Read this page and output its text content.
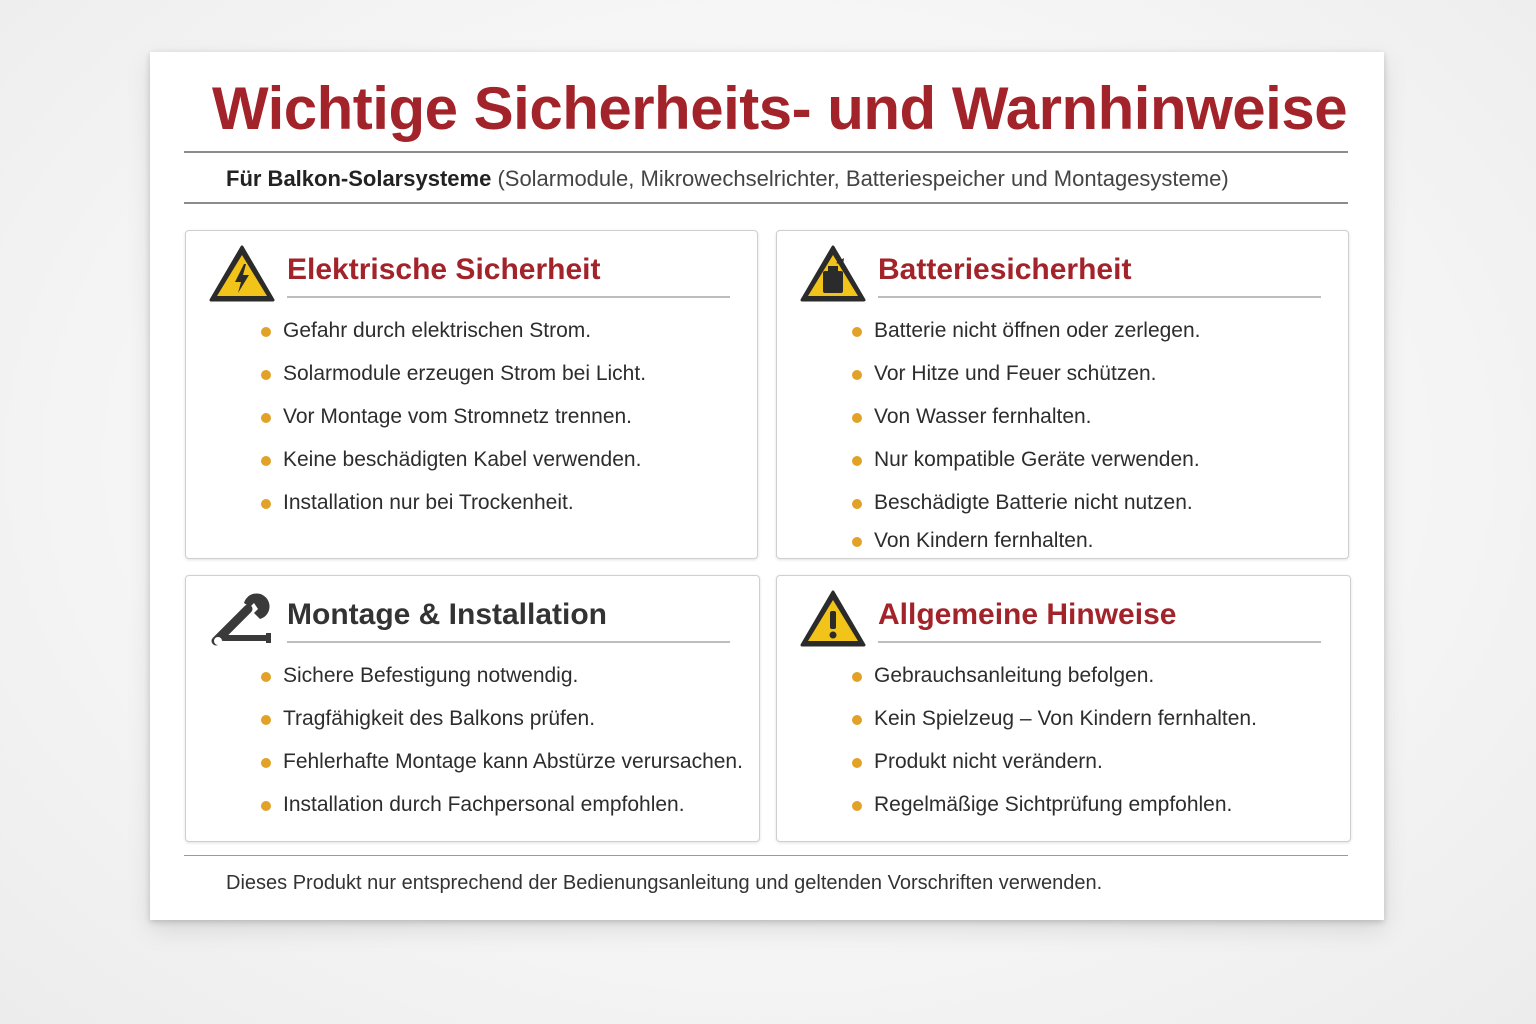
Wichtige Sicherheits- und Warnhinweise
Für Balkon-Solarsysteme (Solarmodule, Mikrowechselrichter, Batteriespeicher und Montagesysteme)
Elektrische Sicherheit
Gefahr durch elektrischen Strom.
Solarmodule erzeugen Strom bei Licht.
Vor Montage vom Stromnetz trennen.
Keine beschädigten Kabel verwenden.
Installation nur bei Trockenheit.
Batteriesicherheit
Batterie nicht öffnen oder zerlegen.
Vor Hitze und Feuer schützen.
Von Wasser fernhalten.
Nur kompatible Geräte verwenden.
Beschädigte Batterie nicht nutzen.
Von Kindern fernhalten.
Montage & Installation
Sichere Befestigung notwendig.
Tragfähigkeit des Balkons prüfen.
Fehlerhafte Montage kann Abstürze verursachen.
Installation durch Fachpersonal empfohlen.
Allgemeine Hinweise
Gebrauchsanleitung befolgen.
Kein Spielzeug – Von Kindern fernhalten.
Produkt nicht verändern.
Regelmäßige Sichtprüfung empfohlen.
Dieses Produkt nur entsprechend der Bedienungsanleitung und geltenden Vorschriften verwenden.
